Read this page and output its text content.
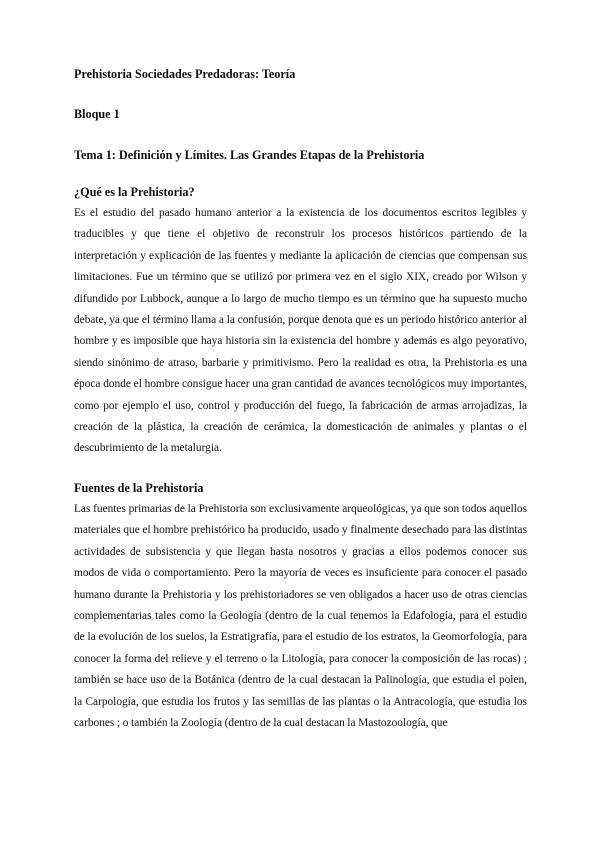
Prehistoria Sociedades Predadoras: Teoría
Bloque 1
Tema 1: Definición y Límites. Las Grandes Etapas de la Prehistoria
¿Qué es la Prehistoria?

Es el estudio del pasado humano anterior a la existencia de los documentos escritos legibles y traducibles y que tiene el objetivo de reconstruir los procesos históricos partiendo de la interpretación y explicación de las fuentes y mediante la aplicación de ciencias que compensan sus limitaciones. Fue un término que se utilizó por primera vez en el siglo XIX, creado por Wilson y difundido por Lubbock, aunque a lo largo de mucho tiempo es un término que ha supuesto mucho debate, ya que el término llama a la confusión, porque denota que es un periodo histórico anterior al hombre y es imposible que haya historia sin la existencia del hombre y además es algo peyorativo, siendo sinónimo de atraso, barbarie y primitivismo. Pero la realidad es otra, la Prehistoria es una época donde el hombre consigue hacer una gran cantidad de avances tecnológicos muy importantes, como por ejemplo el uso, control y producción del fuego, la fabricación de armas arrojadizas, la creación de la plástica, la creación de cerámica, la domesticación de animales y plantas o el descubrimiento de la metalurgia.

Fuentes de la Prehistoria

Las fuentes primarias de la Prehistoria son exclusivamente arqueológicas, ya que son todos aquellos materiales que el hombre prehistórico ha producido, usado y finalmente desechado para las distintas actividades de subsistencia y que llegan hasta nosotros y gracias a ellos podemos conocer sus modos de vida o comportamiento. Pero la mayoría de veces es insuficiente para conocer el pasado humano durante la Prehistoria y los prehistoriadores se ven obligados a hacer uso de otras ciencias complementarias tales como la Geología (dentro de la cual tenemos la Edafología, para el estudio de la evolución de los suelos, la Estratigrafía, para el estudio de los estratos, la Geomorfología, para conocer la forma del relieve y el terreno o la Litología, para conocer la composición de las rocas) ; también se hace uso de la Botánica (dentro de la cual destacan la Palinología, que estudia el polen, la Carpología, que estudia los frutos y las semillas de las plantas o la Antracología, que estudia los carbones ; o también la Zoología (dentro de la cual destacan la Mastozoología, que
